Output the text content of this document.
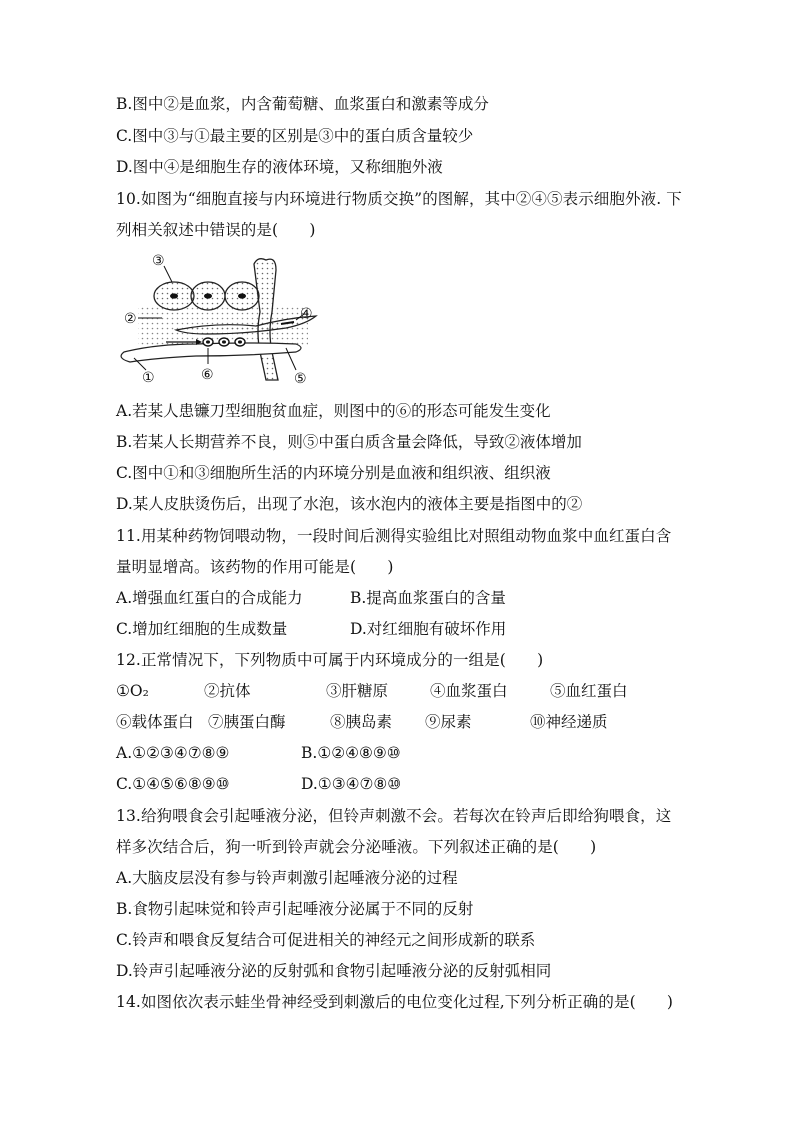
B.图中②是血浆，内含葡萄糖、血浆蛋白和激素等成分
C.图中③与①最主要的区别是③中的蛋白质含量较少
D.图中④是细胞生存的液体环境，又称细胞外液
10.如图为“细胞直接与内环境进行物质交换”的图解，其中②④⑤表示细胞外液. 下
列相关叙述中错误的是(　　)
③
②	④
①	⑥	⑤
A.若某人患镰刀型细胞贫血症，则图中的⑥的形态可能发生变化
B.若某人长期营养不良，则⑤中蛋白质含量会降低，导致②液体增加
C.图中①和③细胞所生活的内环境分别是血液和组织液、组织液
D.某人皮肤烫伤后，出现了水泡，该水泡内的液体主要是指图中的②
11.用某种药物饲喂动物，一段时间后测得实验组比对照组动物血浆中血红蛋白含
量明显增高。该药物的作用可能是(　　)
A.增强血红蛋白的合成能力	B.提高血浆蛋白的含量
C.增加红细胞的生成数量	D.对红细胞有破坏作用
12.正常情况下，下列物质中可属于内环境成分的一组是(　　)
①O₂	②抗体	③肝糖原	④血浆蛋白	⑤血红蛋白
⑥载体蛋白 ⑦胰蛋白酶	⑧胰岛素 ⑨尿素	⑩神经递质
A.①②③④⑦⑧⑨	B.①②④⑧⑨⑩
C.①④⑤⑥⑧⑨⑩	D.①③④⑦⑧⑩
13.给狗喂食会引起唾液分泌，但铃声刺激不会。若每次在铃声后即给狗喂食，这
样多次结合后，狗一听到铃声就会分泌唾液。下列叙述正确的是(　　)
A.大脑皮层没有参与铃声刺激引起唾液分泌的过程
B.食物引起味觉和铃声引起唾液分泌属于不同的反射
C.铃声和喂食反复结合可促进相关的神经元之间形成新的联系
D.铃声引起唾液分泌的反射弧和食物引起唾液分泌的反射弧相同
14.如图依次表示蛙坐骨神经受到刺激后的电位变化过程,下列分析正确的是(　　)
